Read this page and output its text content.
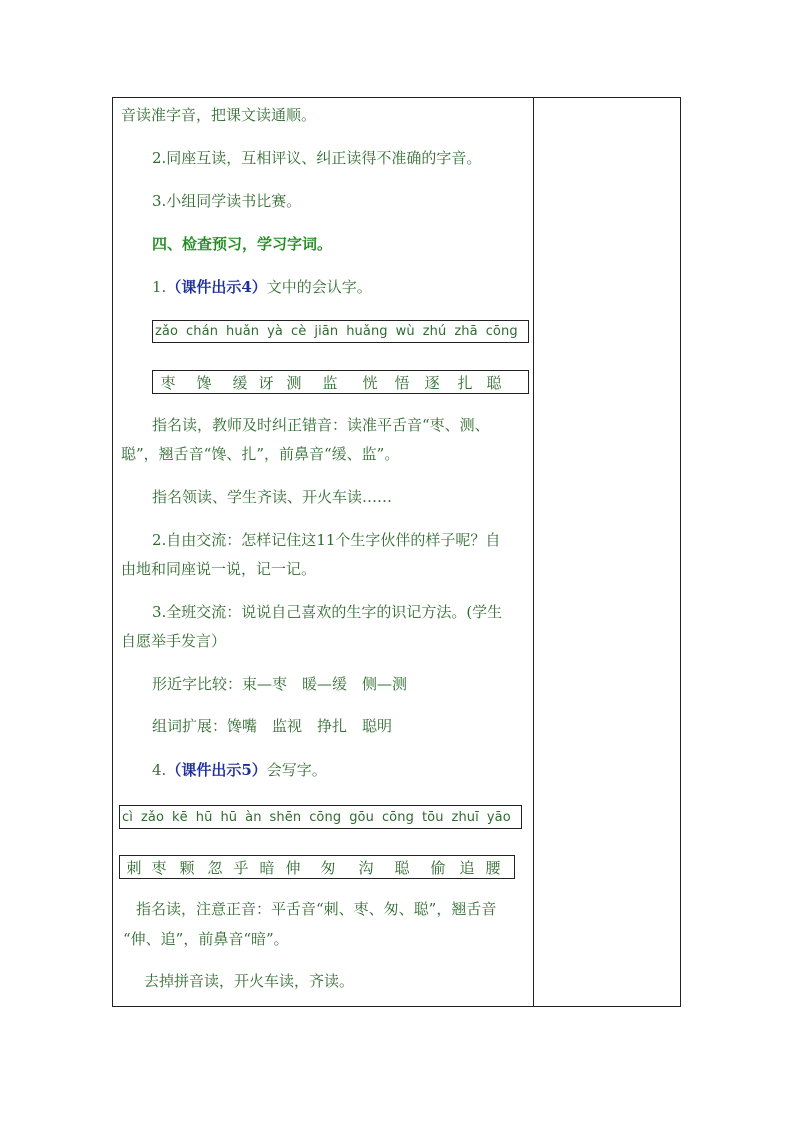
音读准字音，把课文读通顺。
2.同座互读，互相评议、纠正读得不准确的字音。
3.小组同学读书比赛。
四、检查预习，学习字词。
1.（课件出示4）文中的会认字。
zǎo chán huǎn yà cè jiān huǎng wù zhú zhā cōng
枣	馋	缓 讶 测	监	恍	悟 逐	扎 聪
指名读，教师及时纠正错音：读准平舌音“枣、测、
聪”，翘舌音“馋、扎”，前鼻音“缓、监”。
指名领读、学生齐读、开火车读……
2.自由交流：怎样记住这11个生字伙伴的样子呢？自
由地和同座说一说，记一记。
3.全班交流：说说自己喜欢的生字的识记方法。(学生
自愿举手发言）
形近字比较：束—枣　暖—缓　侧—测
组词扩展：馋嘴　监视　挣扎　聪明
4.（课件出示5）会写字。
cì zǎo kē hū hū àn shēn cōng gōu cōng tōu zhuī yāo
刺 枣 颗 忽 乎 暗 伸	匆	沟	聪	偷 追 腰
指名读，注意正音：平舌音“刺、枣、匆、聪”，翘舌音
“伸、追”，前鼻音“暗”。
去掉拼音读，开火车读，齐读。
